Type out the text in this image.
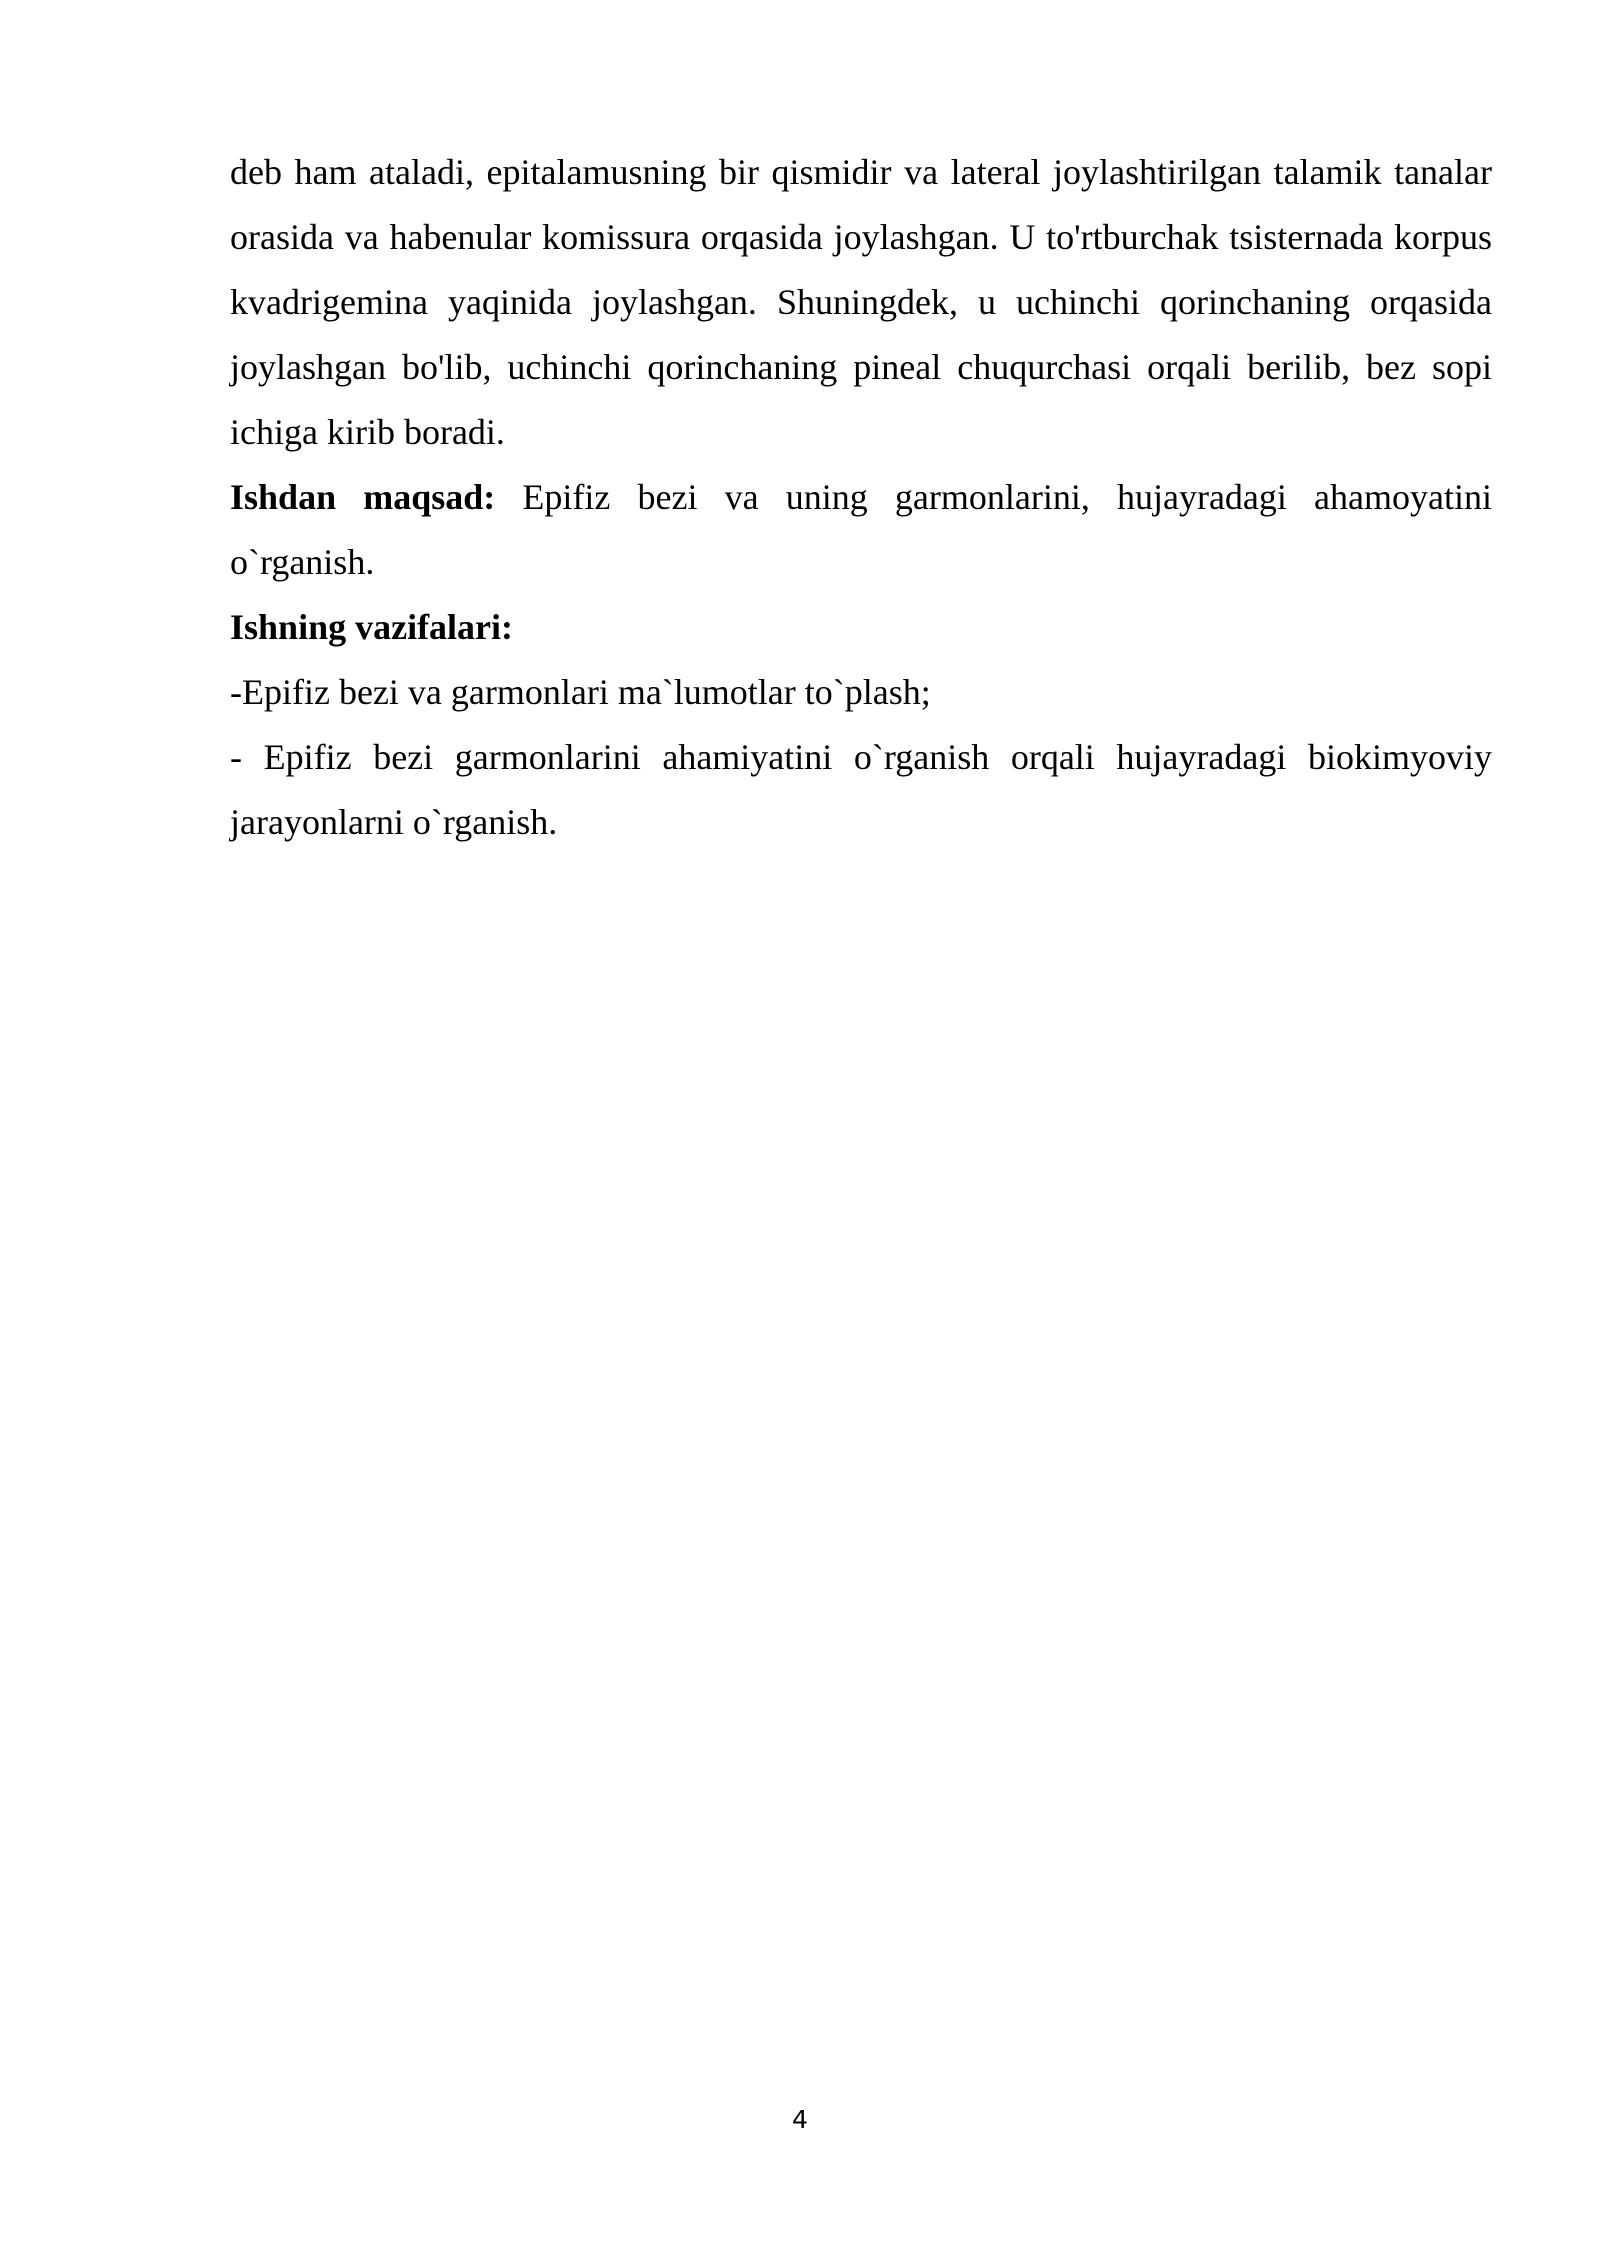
deb ham ataladi, epitalamusning bir qismidir va lateral joylashtirilgan talamik tanalar orasida va habenular komissura orqasida joylashgan. U to'rtburchak tsisternada korpus kvadrigemina yaqinida joylashgan. Shuningdek, u uchinchi qorinchaning orqasida joylashgan bo'lib, uchinchi qorinchaning pineal chuqurchasi orqali berilib, bez sopi ichiga kirib boradi.

Ishdan maqsad: Epifiz bezi va uning garmonlarini, hujayradagi ahamoyatini o`rganish.

Ishning vazifalari:

-Epifiz bezi va garmonlari ma`lumotlar to`plash;

- Epifiz bezi garmonlarini ahamiyatini o`rganish orqali hujayradagi biokimyoviy jarayonlarni o`rganish.

4
